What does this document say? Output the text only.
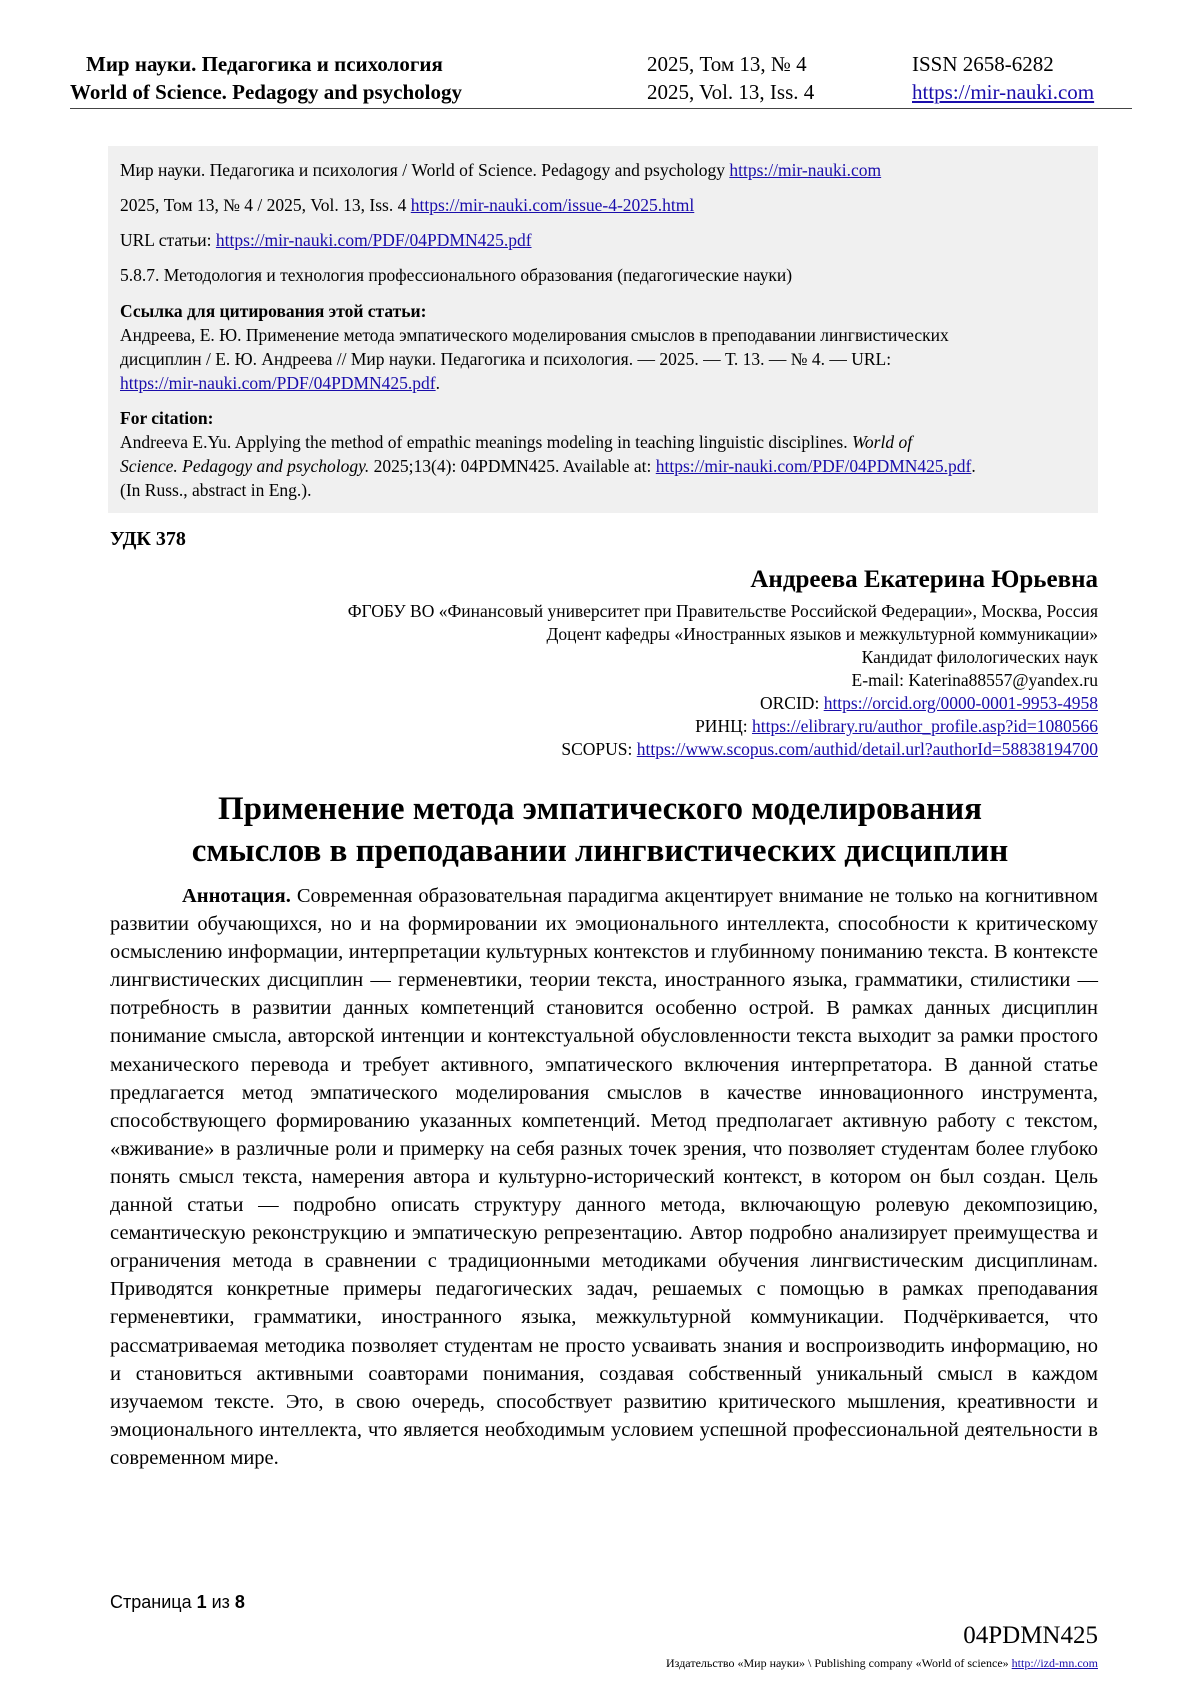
Мир науки. Педагогика и психология
World of Science. Pedagogy and psychology
2025, Том 13, № 4
2025, Vol. 13, Iss. 4
ISSN 2658-6282
https://mir-nauki.com
Мир науки. Педагогика и психология / World of Science. Pedagogy and psychology https://mir-nauki.com
2025, Том 13, № 4 / 2025, Vol. 13, Iss. 4 https://mir-nauki.com/issue-4-2025.html
URL статьи: https://mir-nauki.com/PDF/04PDMN425.pdf
5.8.7. Методология и технология профессионального образования (педагогические науки)
Ссылка для цитирования этой статьи:
Андреева, Е. Ю. Применение метода эмпатического моделирования смыслов в преподавании лингвистических
дисциплин / Е. Ю. Андреева // Мир науки. Педагогика и психология. — 2025. — Т. 13. — № 4. — URL:
https://mir-nauki.com/PDF/04PDMN425.pdf.
For citation:
Andreeva E.Yu. Applying the method of empathic meanings modeling in teaching linguistic disciplines. World of
Science. Pedagogy and psychology. 2025;13(4): 04PDMN425. Available at: https://mir-nauki.com/PDF/04PDMN425.pdf.
(In Russ., abstract in Eng.).
УДК 378
Андреева Екатерина Юрьевна
ФГОБУ ВО «Финансовый университет при Правительстве Российской Федерации», Москва, Россия
Доцент кафедры «Иностранных языков и межкультурной коммуникации»
Кандидат филологических наук
E-mail: Katerina88557@yandex.ru
ORCID: https://orcid.org/0000-0001-9953-4958
РИНЦ: https://elibrary.ru/author_profile.asp?id=1080566
SCOPUS: https://www.scopus.com/authid/detail.url?authorId=58838194700
Применение метода эмпатического моделирования
смыслов в преподавании лингвистических дисциплин
Аннотация. Современная образовательная парадигма акцентирует внимание не только на когнитивном развитии обучающихся, но и на формировании их эмоционального интеллекта, способности к критическому осмыслению информации, интерпретации культурных контекстов и глубинному пониманию текста. В контексте лингвистических дисциплин — герменевтики, теории текста, иностранного языка, грамматики, стилистики — потребность в развитии данных компетенций становится особенно острой. В рамках данных дисциплин понимание смысла, авторской интенции и контекстуальной обусловленности текста выходит за рамки простого механического перевода и требует активного, эмпатического включения интерпретатора. В данной статье предлагается метод эмпатического моделирования смыслов в качестве инновационного инструмента, способствующего формированию указанных компетенций. Метод предполагает активную работу с текстом, «вживание» в различные роли и примерку на себя разных точек зрения, что позволяет студентам более глубоко понять смысл текста, намерения автора и культурно-исторический контекст, в котором он был создан. Цель данной статьи — подробно описать структуру данного метода, включающую ролевую декомпозицию, семантическую реконструкцию и эмпатическую репрезентацию. Автор подробно анализирует преимущества и ограничения метода в сравнении с традиционными методиками обучения лингвистическим дисциплинам. Приводятся конкретные примеры педагогических задач, решаемых с помощью в рамках преподавания герменевтики, грамматики, иностранного языка, межкультурной коммуникации. Подчёркивается, что рассматриваемая методика позволяет студентам не просто усваивать знания и воспроизводить информацию, но и становиться активными соавторами понимания, создавая собственный уникальный смысл в каждом изучаемом тексте. Это, в свою очередь, способствует развитию критического мышления, креативности и эмоционального интеллекта, что является необходимым условием успешной профессиональной деятельности в современном мире.
Страница 1 из 8
04PDMN425
Издательство «Мир науки» \ Publishing company «World of science» http://izd-mn.com
